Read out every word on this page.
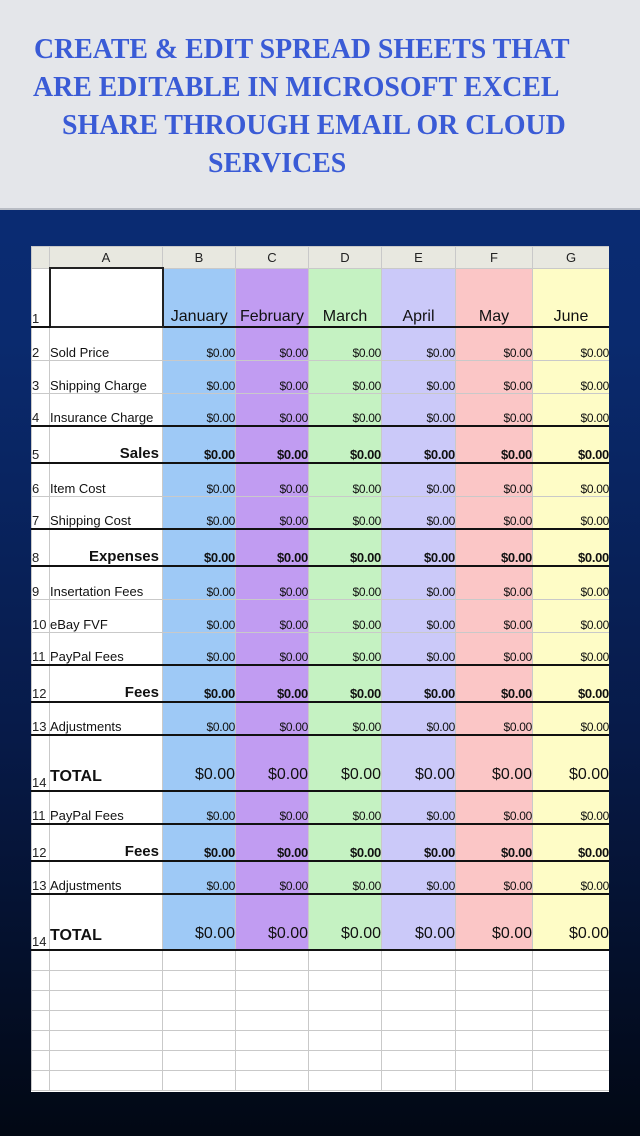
CREATE & EDIT SPREAD SHEETS THAT

ARE EDITABLE IN MICROSOFT EXCEL

SHARE THROUGH EMAIL OR CLOUD

SERVICES

	A	B	C	D	E	F	G
1		January	February	March	April	May	June
2	Sold Price	$0.00	$0.00	$0.00	$0.00	$0.00	$0.00
3	Shipping Charge	$0.00	$0.00	$0.00	$0.00	$0.00	$0.00
4	Insurance Charge	$0.00	$0.00	$0.00	$0.00	$0.00	$0.00
5	Sales	$0.00	$0.00	$0.00	$0.00	$0.00	$0.00
6	Item Cost	$0.00	$0.00	$0.00	$0.00	$0.00	$0.00
7	Shipping Cost	$0.00	$0.00	$0.00	$0.00	$0.00	$0.00
8	Expenses	$0.00	$0.00	$0.00	$0.00	$0.00	$0.00
9	Insertation Fees	$0.00	$0.00	$0.00	$0.00	$0.00	$0.00
10	eBay FVF	$0.00	$0.00	$0.00	$0.00	$0.00	$0.00
11	PayPal Fees	$0.00	$0.00	$0.00	$0.00	$0.00	$0.00
12	Fees	$0.00	$0.00	$0.00	$0.00	$0.00	$0.00
13	Adjustments	$0.00	$0.00	$0.00	$0.00	$0.00	$0.00
14	TOTAL	$0.00	$0.00	$0.00	$0.00	$0.00	$0.00
11	PayPal Fees	$0.00	$0.00	$0.00	$0.00	$0.00	$0.00
12	Fees	$0.00	$0.00	$0.00	$0.00	$0.00	$0.00
13	Adjustments	$0.00	$0.00	$0.00	$0.00	$0.00	$0.00
14	TOTAL	$0.00	$0.00	$0.00	$0.00	$0.00	$0.00
